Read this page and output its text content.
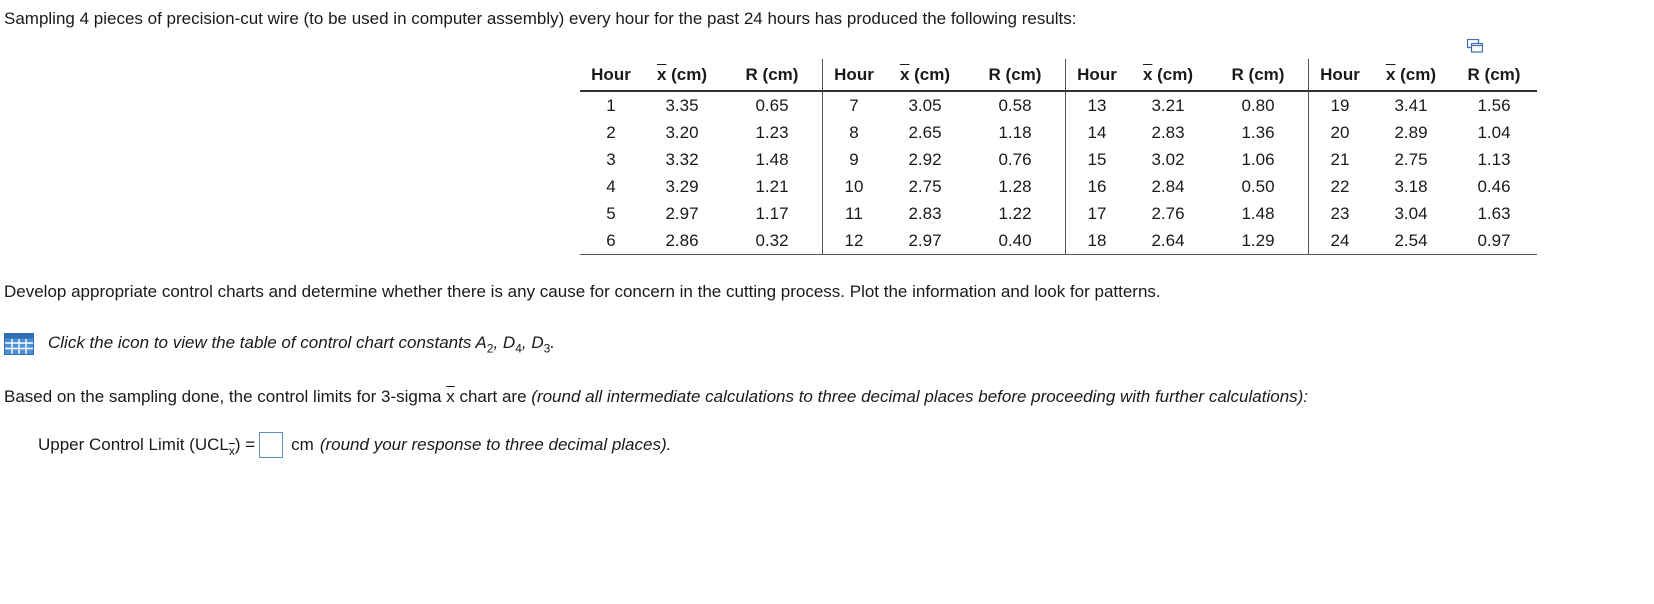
Sampling 4 pieces of precision-cut wire (to be used in computer assembly) every hour for the past 24 hours has produced the following results:
Hour	$\overline{x}$ (cm)	R (cm)	Hour	$\overline{x}$ (cm)	R (cm)	Hour	$\overline{x}$ (cm)	R (cm)	Hour	$\overline{x}$ (cm)	R (cm)
1	3.35	0.65	7	3.05	0.58	13	3.21	0.80	19	3.41	1.56
2	3.20	1.23	8	2.65	1.18	14	2.83	1.36	20	2.89	1.04
3	3.32	1.48	9	2.92	0.76	15	3.02	1.06	21	2.75	1.13
4	3.29	1.21	10	2.75	1.28	16	2.84	0.50	22	3.18	0.46
5	2.97	1.17	11	2.83	1.22	17	2.76	1.48	23	3.04	1.63
6	2.86	0.32	12	2.97	0.40	18	2.64	1.29	24	2.54	0.97
Develop appropriate control charts and determine whether there is any cause for concern in the cutting process. Plot the information and look for patterns.
Click the icon to view the table of control chart constants $A_2$, $D_4$, $D_3$.
Based on the sampling done, the control limits for 3-sigma $\overline{x}$ chart are (round all intermediate calculations to three decimal places before proceeding with further calculations):
Upper Control Limit (UCL $\overline{x}$ ) = cm (round your response to three decimal places).
